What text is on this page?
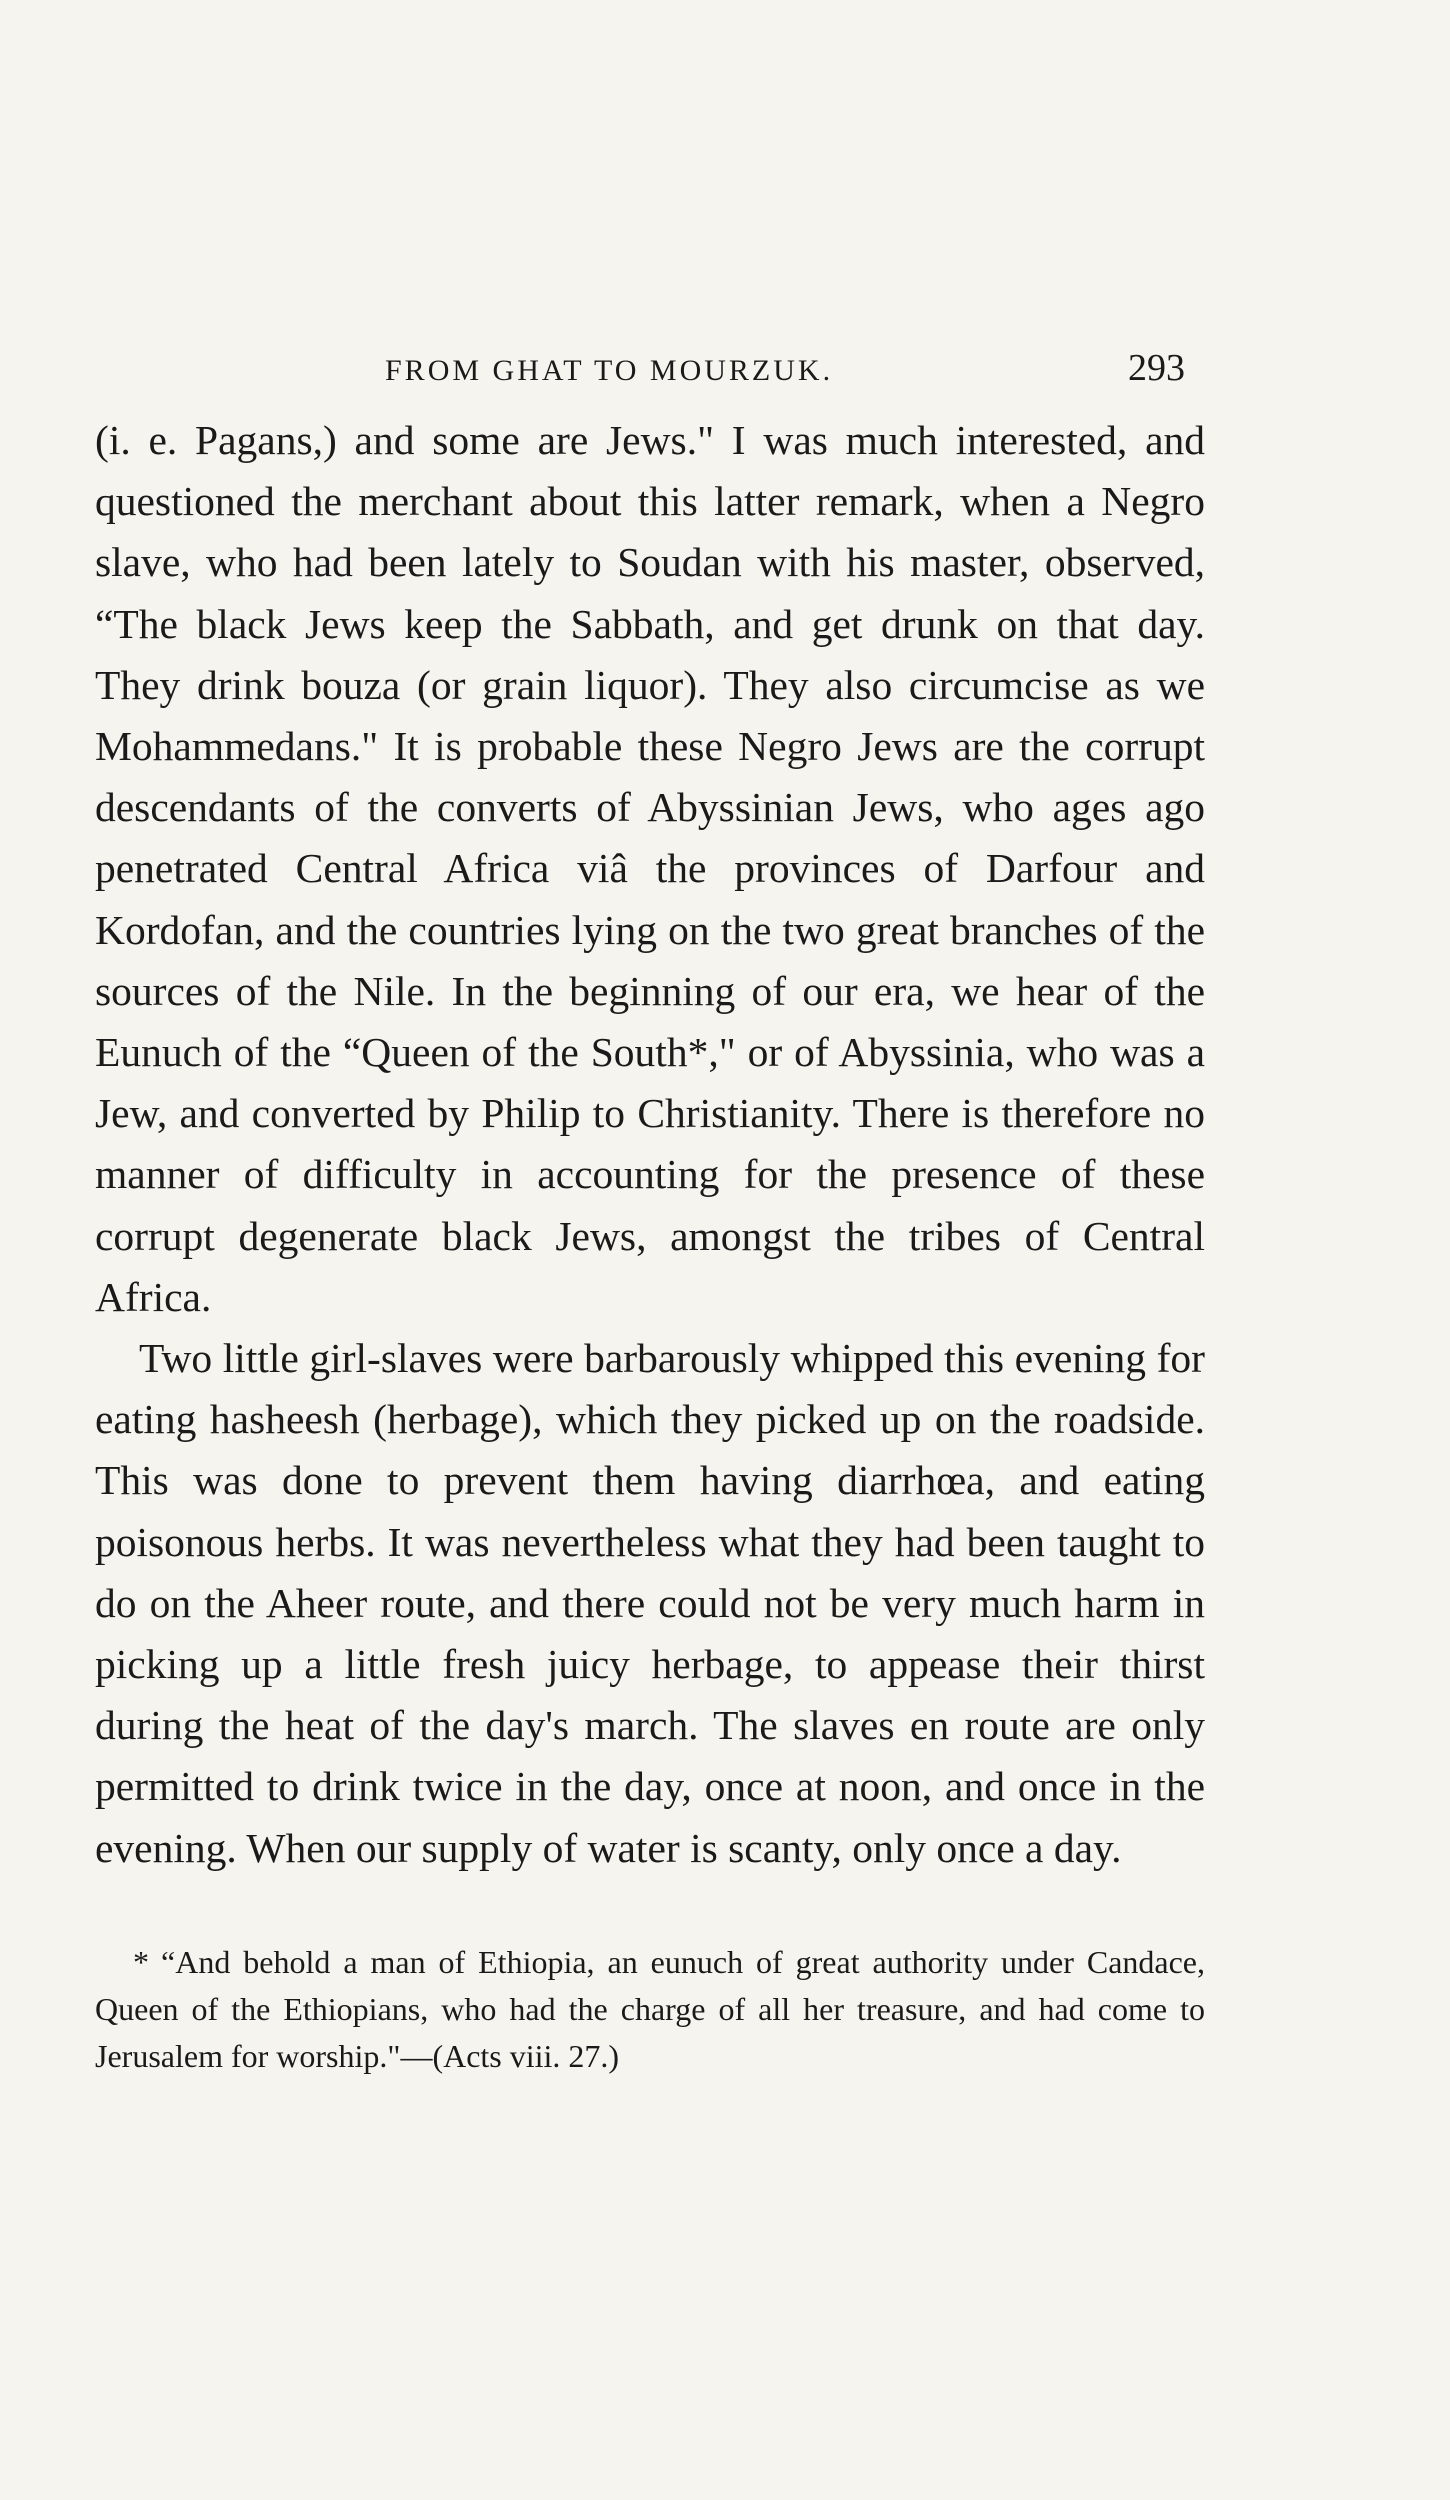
FROM GHAT TO MOURZUK.	293

(i. e. Pagans,) and some are Jews." I was much interested, and questioned the merchant about this latter remark, when a Negro slave, who had been lately to Soudan with his master, observed, “The black Jews keep the Sabbath, and get drunk on that day. They drink bouza (or grain liquor). They also circumcise as we Mohammedans." It is probable these Negro Jews are the corrupt descendants of the converts of Abyssinian Jews, who ages ago penetrated Central Africa viâ the provinces of Darfour and Kordofan, and the countries lying on the two great branches of the sources of the Nile. In the beginning of our era, we hear of the Eunuch of the “Queen of the South*," or of Abyssinia, who was a Jew, and converted by Philip to Christianity. There is therefore no manner of difficulty in accounting for the presence of these corrupt degenerate black Jews, amongst the tribes of Central Africa.

Two little girl-slaves were barbarously whipped this evening for eating hasheesh (herbage), which they picked up on the roadside. This was done to prevent them having diarrhœa, and eating poisonous herbs. It was nevertheless what they had been taught to do on the Aheer route, and there could not be very much harm in picking up a little fresh juicy herbage, to appease their thirst during the heat of the day's march. The slaves en route are only permitted to drink twice in the day, once at noon, and once in the evening. When our supply of water is scanty, only once a day.

* “And behold a man of Ethiopia, an eunuch of great authority under Candace, Queen of the Ethiopians, who had the charge of all her treasure, and had come to Jerusalem for worship."—(Acts viii. 27.)
